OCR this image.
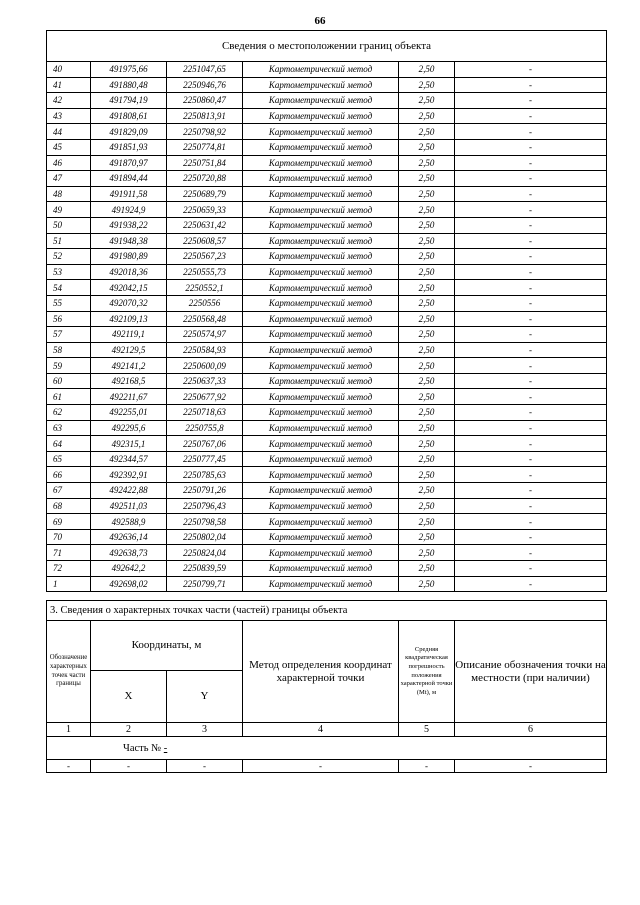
66
Сведения о местоположении границ объекта					
40	491975,66	2251047,65	Картометрический метод	2,50	-
41	491880,48	2250946,76	Картометрический метод	2,50	-
42	491794,19	2250860,47	Картометрический метод	2,50	-
43	491808,61	2250813,91	Картометрический метод	2,50	-
44	491829,09	2250798,92	Картометрический метод	2,50	-
45	491851,93	2250774,81	Картометрический метод	2,50	-
46	491870,97	2250751,84	Картометрический метод	2,50	-
47	491894,44	2250720,88	Картометрический метод	2,50	-
48	491911,58	2250689,79	Картометрический метод	2,50	-
49	491924,9	2250659,33	Картометрический метод	2,50	-
50	491938,22	2250631,42	Картометрический метод	2,50	-
51	491948,38	2250608,57	Картометрический метод	2,50	-
52	491980,89	2250567,23	Картометрический метод	2,50	-
53	492018,36	2250555,73	Картометрический метод	2,50	-
54	492042,15	2250552,1	Картометрический метод	2,50	-
55	492070,32	2250556	Картометрический метод	2,50	-
56	492109,13	2250568,48	Картометрический метод	2,50	-
57	492119,1	2250574,97	Картометрический метод	2,50	-
58	492129,5	2250584,93	Картометрический метод	2,50	-
59	492141,2	2250600,09	Картометрический метод	2,50	-
60	492168,5	2250637,33	Картометрический метод	2,50	-
61	492211,67	2250677,92	Картометрический метод	2,50	-
62	492255,01	2250718,63	Картометрический метод	2,50	-
63	492295,6	2250755,8	Картометрический метод	2,50	-
64	492315,1	2250767,06	Картометрический метод	2,50	-
65	492344,57	2250777,45	Картометрический метод	2,50	-
66	492392,91	2250785,63	Картометрический метод	2,50	-
67	492422,88	2250791,26	Картометрический метод	2,50	-
68	492511,03	2250796,43	Картометрический метод	2,50	-
69	492588,9	2250798,58	Картометрический метод	2,50	-
70	492636,14	2250802,04	Картометрический метод	2,50	-
71	492638,73	2250824,04	Картометрический метод	2,50	-
72	492642,2	2250839,59	Картометрический метод	2,50	-
1	492698,02	2250799,71	Картометрический метод	2,50	-
3. Сведения о характерных точках части (частей) границы объекта					
Обозначение характерных точек части границы	Координаты, м		Метод определения координат характерной точки	Средняя квадратическая погрешность положения характерной точки (Mt), м	Описание обозначения точки на местности (при наличии)
	X	Y			
1	2	3	4	5	6
Часть № -					
-	-	-	-	-	-
